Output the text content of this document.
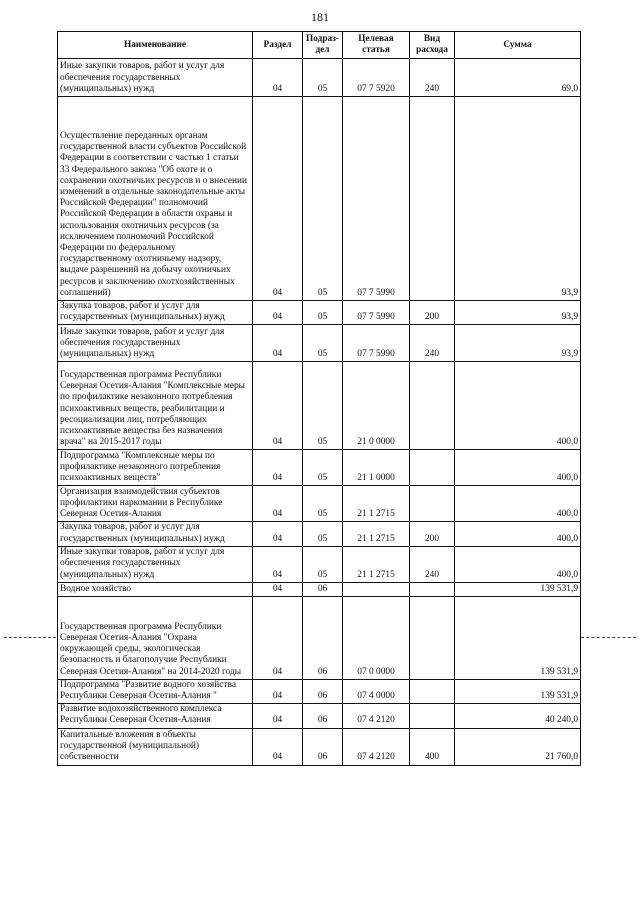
181
Наименование	Раздел	Подраз-дел	Целевая статья	Вид расхода	Сумма
Иные закупки товаров, работ и услуг для обеспечения государственных (муниципальных) нужд	04	05	07 7 5920	240	69,0
Осуществление переданных органам государственной власти субъектов Российской Федерации в соответствии с частью 1 статьи 33 Федерального закона "Об охоте и о сохранении охотничьих ресурсов и о внесении изменений в отдельные законодательные акты Российской Федерации" полномочий Российской Федерации в области охраны и использования охотничьих ресурсов (за исключением полномочий Российской Федерации по федеральному государственному охотничьему надзору, выдаче разрешений на добычу охотничьих ресурсов и заключению охотхозяйственных соглашений)	04	05	07 7 5990		93,9
Закупка товаров, работ и услуг для государственных (муниципальных) нужд	04	05	07 7 5990	200	93,9
Иные закупки товаров, работ и услуг для обеспечения государственных (муниципальных) нужд	04	05	07 7 5990	240	93,9
Государственная программа Республики Северная Осетия-Алания "Комплексные меры по профилактике незаконного потребления психоактивных веществ, реабилитации и ресоциализации лиц, потребляющих психоактивные вещества без назначения врача" на 2015-2017 годы	04	05	21 0 0000		400,0
Подпрограмма "Комплексные меры по профилактике незаконного потребления психоактивных веществ"	04	05	21 1 0000		400,0
Организация взаимодействия субъектов профилактики наркомании в Республике Северная Осетия-Алания	04	05	21 1 2715		400,0
Закупка товаров, работ и услуг для государственных (муниципальных) нужд	04	05	21 1 2715	200	400,0
Иные закупки товаров, работ и услуг для обеспечения государственных (муниципальных) нужд	04	05	21 1 2715	240	400,0
Водное хозяйство	04	06			139 531,9
Государственная программа Республики Северная Осетия-Алания "Охрана окружающей среды, экологическая безопасность и благополучие Республики Северная Осетия-Алания" на 2014-2020 годы	04	06	07 0 0000		139 531,9
Подпрограмма "Развитие водного хозяйства Республики Северная Осетия-Алания "	04	06	07 4 0000		139 531,9
Развитие водохозяйственного комплекса Республики Северная Осетия-Алания	04	06	07 4 2120		40 240,0
Капитальные вложения в объекты государственной (муниципальной) собственности	04	06	07 4 2120	400	21 760,0
